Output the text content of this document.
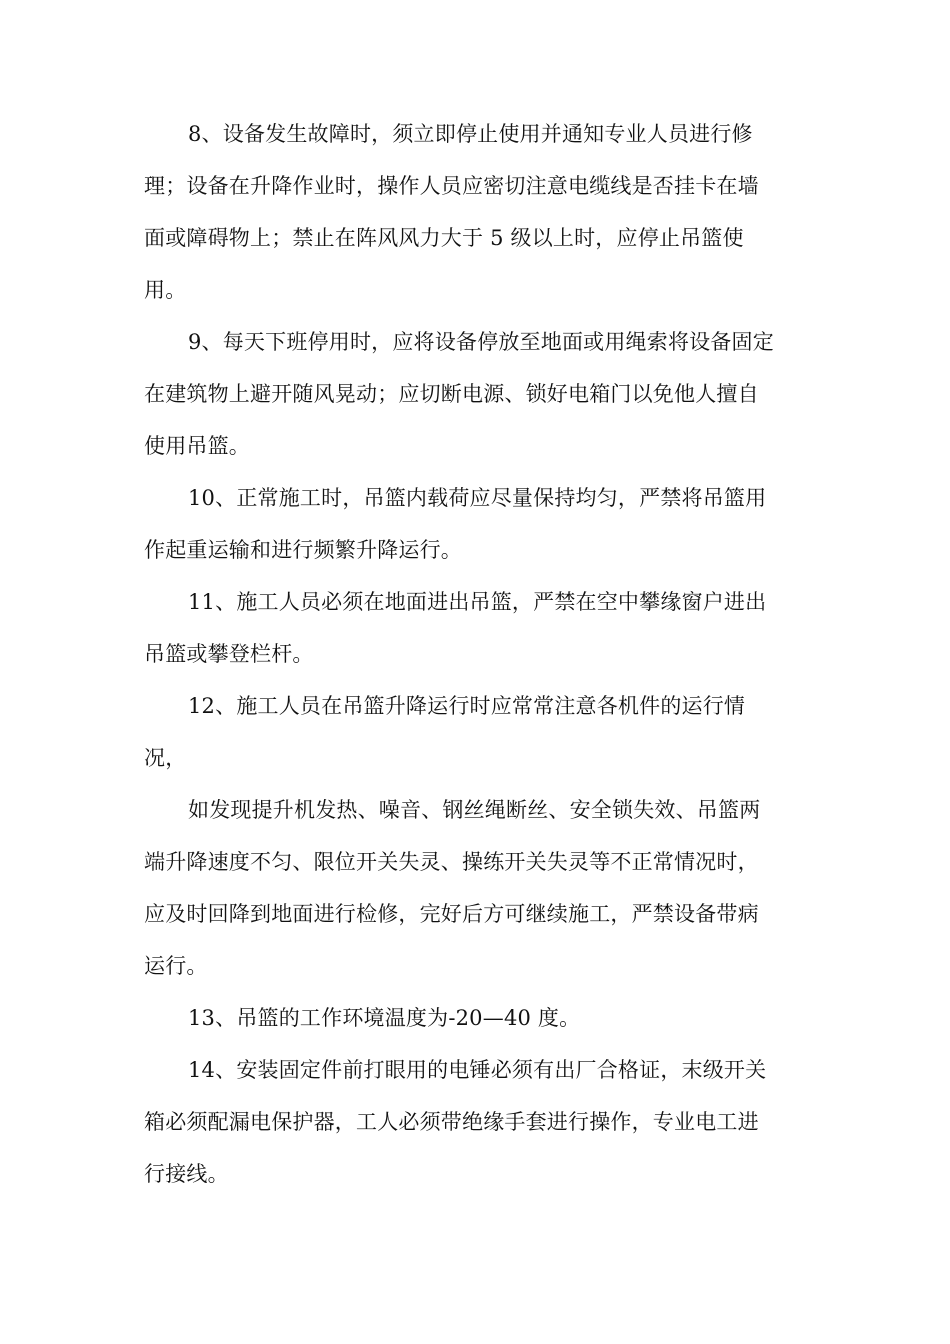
8、设备发生故障时，须立即停止使用并通知专业人员进行修
理；设备在升降作业时，操作人员应密切注意电缆线是否挂卡在墙
面或障碍物上；禁止在阵风风力大于 5 级以上时，应停止吊篮使
用。

9、每天下班停用时，应将设备停放至地面或用绳索将设备固定
在建筑物上避开随风晃动；应切断电源、锁好电箱门以免他人擅自
使用吊篮。

10、正常施工时，吊篮内载荷应尽量保持均匀，严禁将吊篮用
作起重运输和进行频繁升降运行。

11、施工人员必须在地面进出吊篮，严禁在空中攀缘窗户进出
吊篮或攀登栏杆。

12、施工人员在吊篮升降运行时应常常注意各机件的运行情
况，

如发现提升机发热、噪音、钢丝绳断丝、安全锁失效、吊篮两
端升降速度不匀、限位开关失灵、操练开关失灵等不正常情况时，
应及时回降到地面进行检修，完好后方可继续施工，严禁设备带病
运行。

13、吊篮的工作环境温度为-20—40 度。

14、安装固定件前打眼用的电锤必须有出厂合格证，末级开关
箱必须配漏电保护器，工人必须带绝缘手套进行操作，专业电工进
行接线。
